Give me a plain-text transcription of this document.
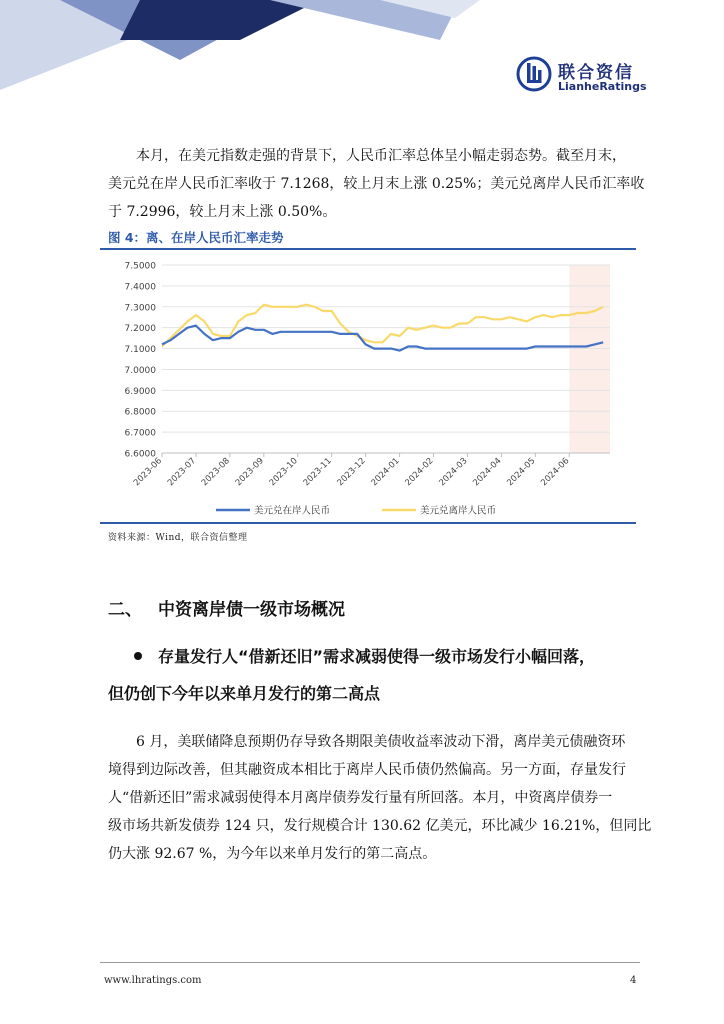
联合资信
LianheRatings
本月，在美元指数走强的背景下，人民币汇率总体呈小幅走弱态势。截至月末，
美元兑在岸人民币汇率收于 7.1268，较上月末上涨 0.25%；美元兑离岸人民币汇率收
于 7.2996，较上月末上涨 0.50%。
图 4：离、在岸人民币汇率走势
7.5000
7.4000
7.3000
7.2000
7.1000
7.0000
6.9000
6.8000
6.7000
6.6000
2023-06 2023-07 2023-08 2023-09 2023-10 2023-11 2023-12 2024-01 2024-02 2024-03 2024-04 2024-05 2024-06
美元兑在岸人民币	美元兑离岸人民币
资料来源：Wind，联合资信整理
二、 中资离岸债一级市场概况
存量发行人“借新还旧”需求减弱使得一级市场发行小幅回落，
但仍创下今年以来单月发行的第二高点
6 月，美联储降息预期仍存导致各期限美债收益率波动下滑，离岸美元债融资环
境得到边际改善，但其融资成本相比于离岸人民币债仍然偏高。另一方面，存量发行
人“借新还旧”需求减弱使得本月离岸债券发行量有所回落。本月，中资离岸债券一
级市场共新发债券 124 只，发行规模合计 130.62 亿美元，环比减少 16.21%，但同比
仍大涨 92.67 %，为今年以来单月发行的第二高点。
www.lhratings.com	4
